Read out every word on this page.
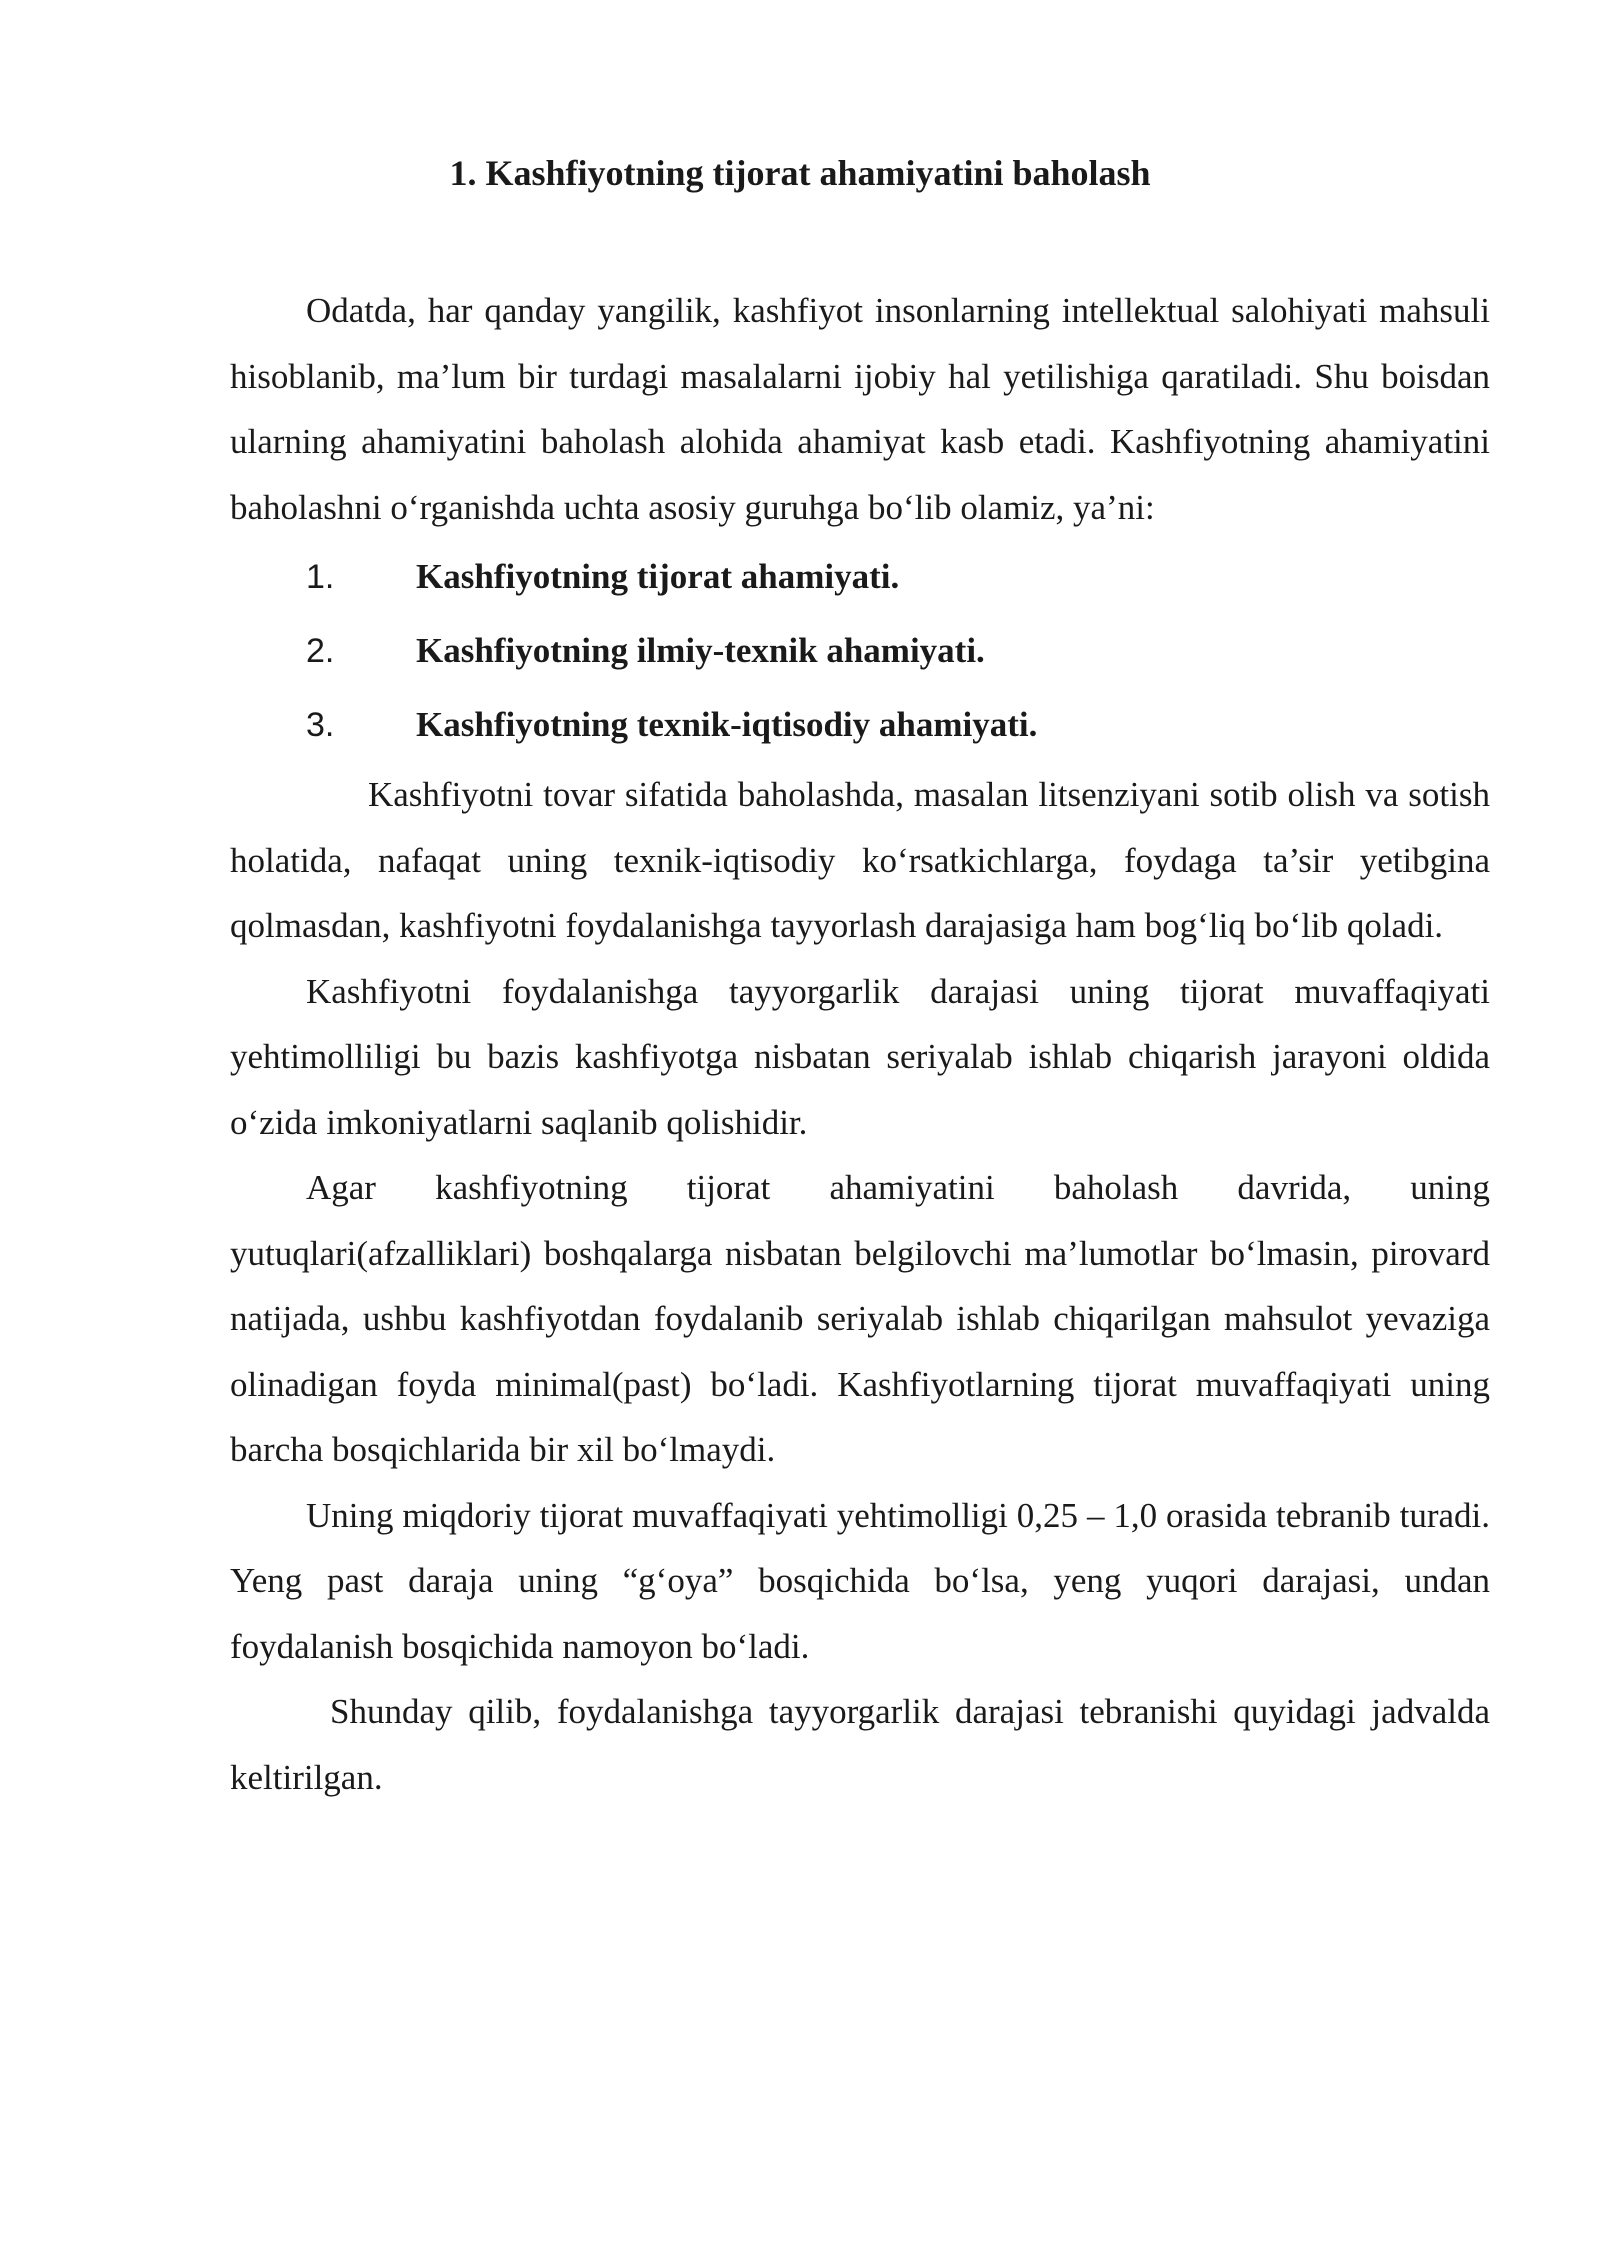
1. Kashfiyotning tijorat ahamiyatini baholash

Odatda, har qanday yangilik, kashfiyot insonlarning intellektual salohiyati mahsuli hisoblanib, ma’lum bir turdagi masalalarni ijobiy hal yetilishiga qaratiladi. Shu boisdan ularning ahamiyatini baholash alohida ahamiyat kasb etadi. Kashfiyotning ahamiyatini baholashni o‘rganishda uchta asosiy guruhga bo‘lib olamiz, ya’ni:

1.	Kashfiyotning tijorat ahamiyati.
2.	Kashfiyotning ilmiy-texnik ahamiyati.
3.	Kashfiyotning texnik-iqtisodiy ahamiyati.

Kashfiyotni tovar sifatida baholashda, masalan litsenziyani sotib olish va sotish holatida, nafaqat uning texnik-iqtisodiy ko‘rsatkichlarga, foydaga ta’sir yetibgina qolmasdan, kashfiyotni foydalanishga tayyorlash darajasiga ham bog‘liq bo‘lib qoladi.

Kashfiyotni foydalanishga tayyorgarlik darajasi uning tijorat muvaffaqiyati yehtimolliligi bu bazis kashfiyotga nisbatan seriyalab ishlab chiqarish jarayoni oldida o‘zida imkoniyatlarni saqlanib qolishidir.

Agar kashfiyotning tijorat ahamiyatini baholash davrida, uning yutuqlari(afzalliklari) boshqalarga nisbatan belgilovchi ma’lumotlar bo‘lmasin, pirovard natijada, ushbu kashfiyotdan foydalanib seriyalab ishlab chiqarilgan mahsulot yevaziga olinadigan foyda minimal(past) bo‘ladi. Kashfiyotlarning tijorat muvaffaqiyati uning barcha bosqichlarida bir xil bo‘lmaydi.

Uning miqdoriy tijorat muvaffaqiyati yehtimolligi 0,25 – 1,0 orasida tebranib turadi. Yeng past daraja uning “g‘oya” bosqichida bo‘lsa, yeng yuqori darajasi, undan foydalanish bosqichida namoyon bo‘ladi.

Shunday qilib, foydalanishga tayyorgarlik darajasi tebranishi quyidagi jadvalda keltirilgan.
